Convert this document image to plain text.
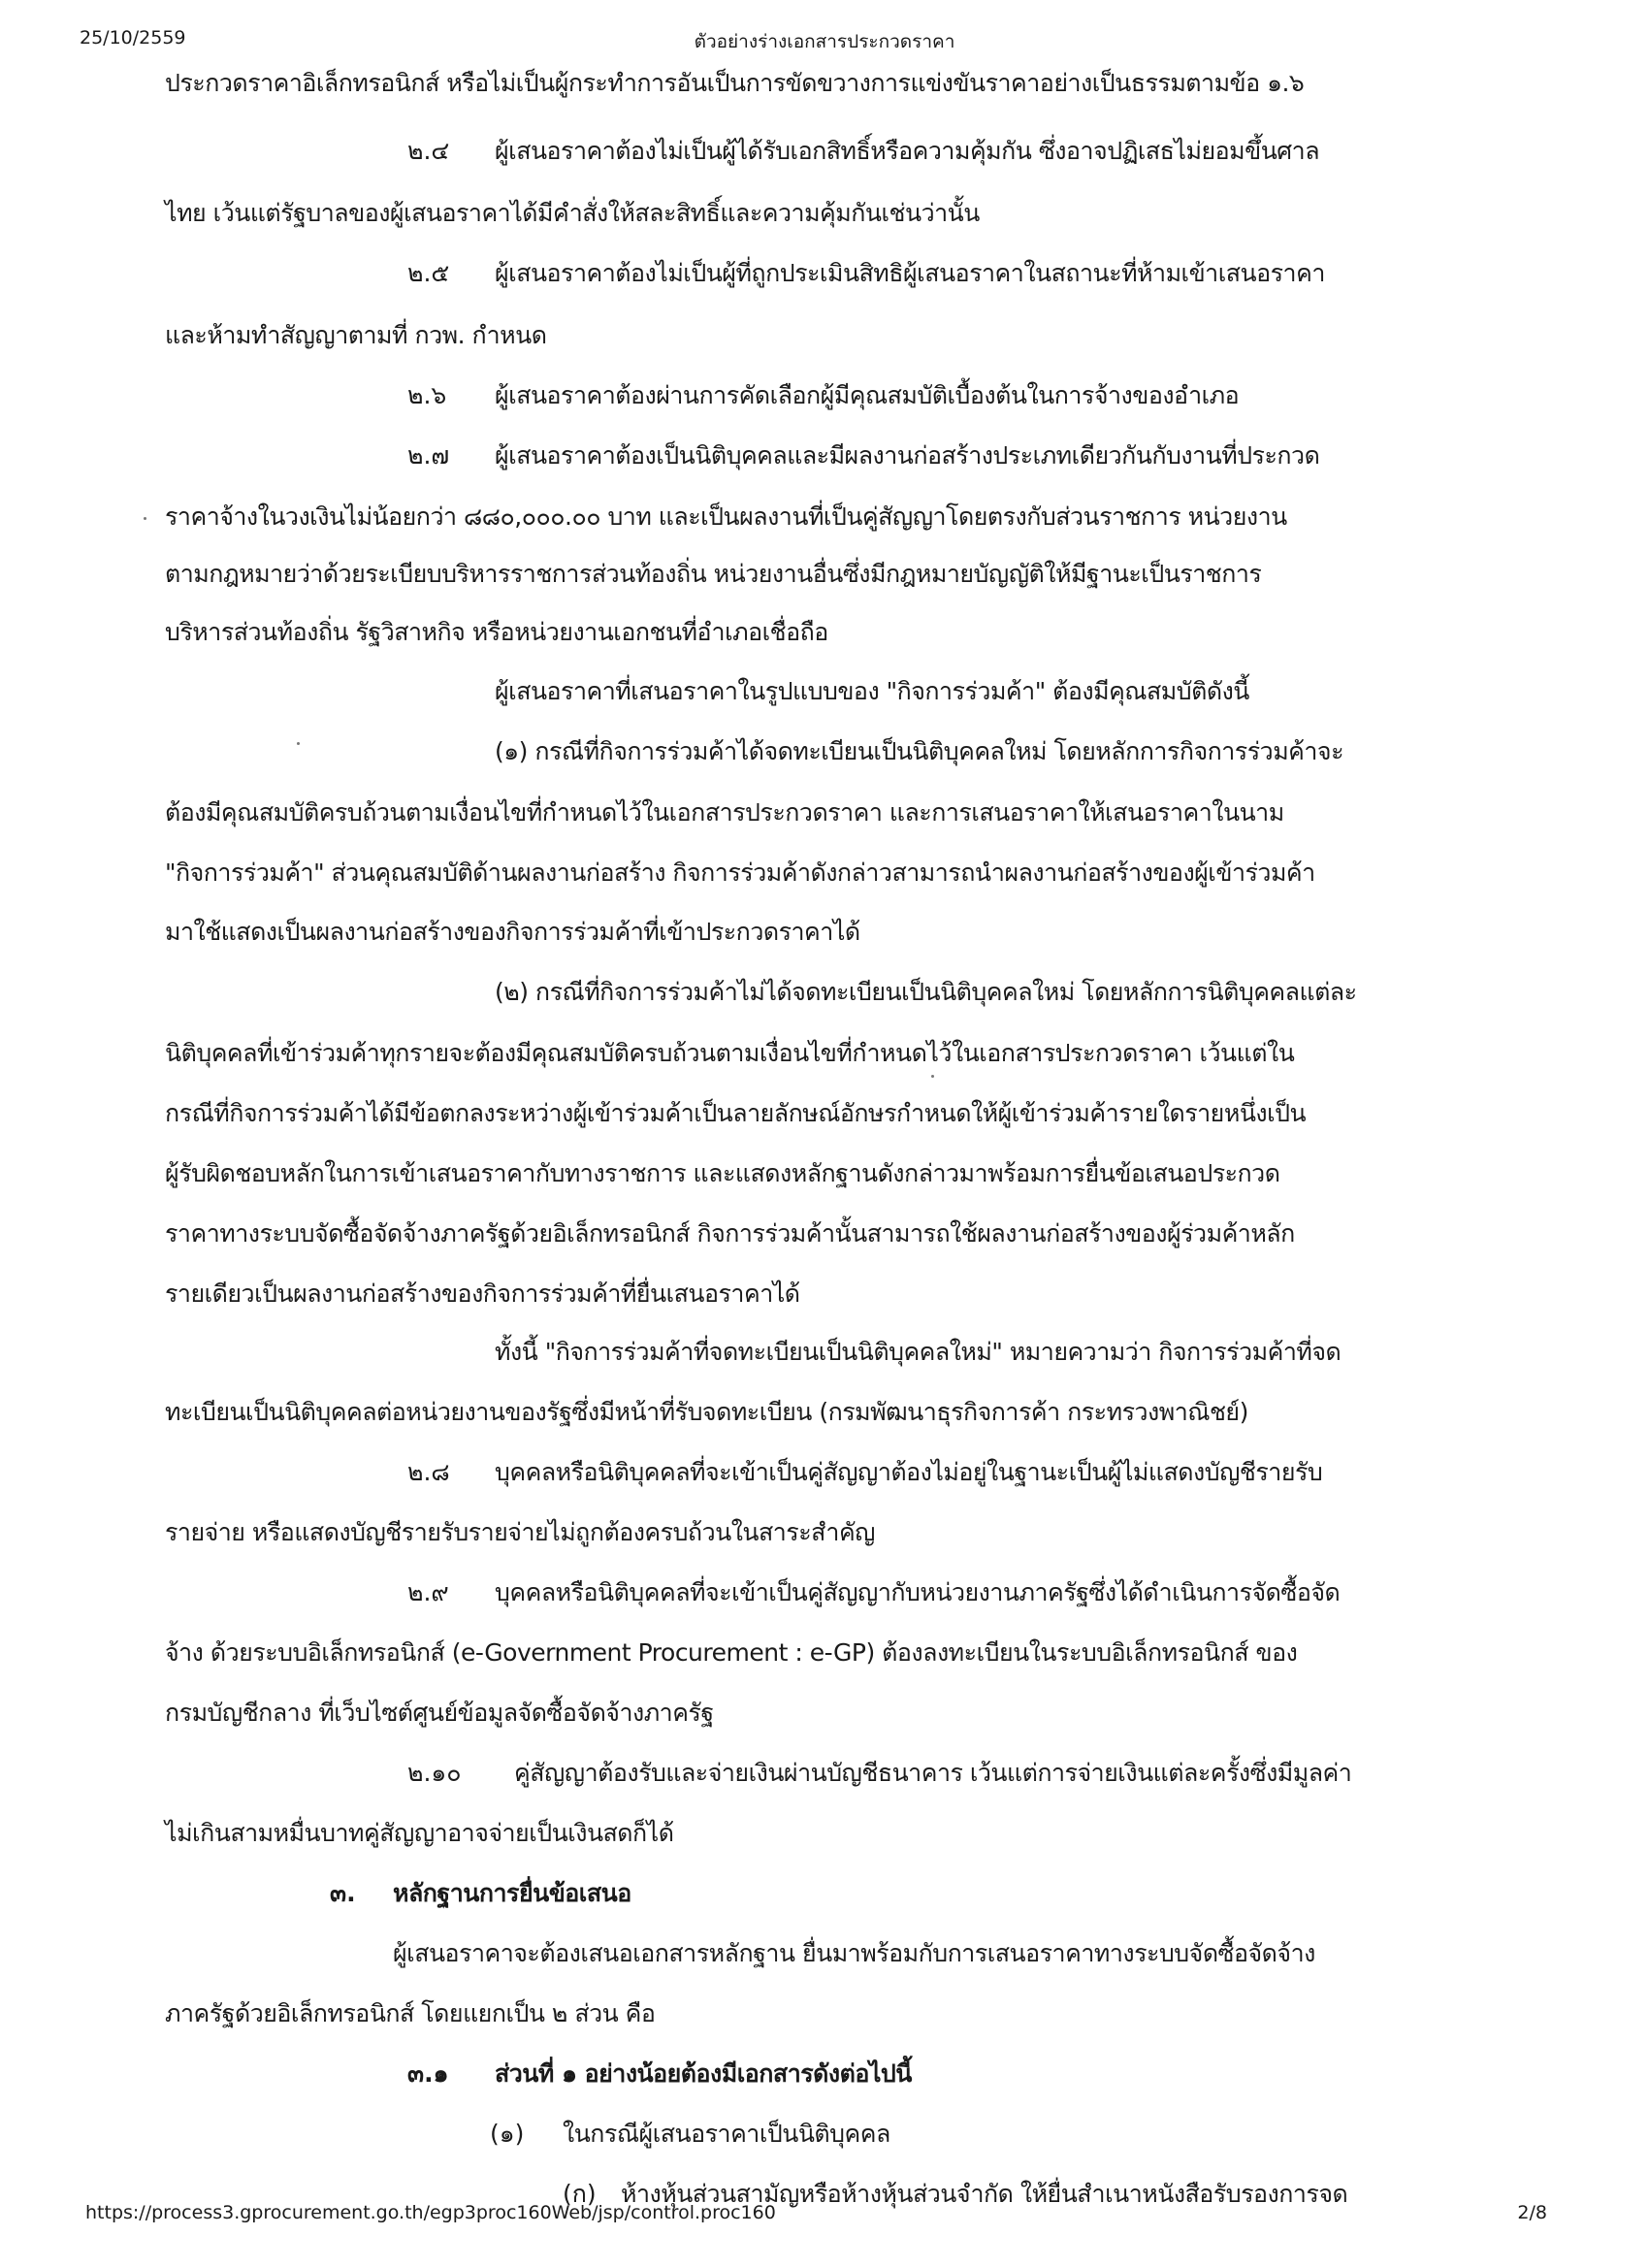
25/10/2559	ตัวอย่างร่างเอกสารประกวดราคา
ประกวดราคาอิเล็กทรอนิกส์ หรือไม่เป็นผู้กระทำการอันเป็นการขัดขวางการแข่งขันราคาอย่างเป็นธรรมตามข้อ ๑.๖
๒.๔	ผู้เสนอราคาต้องไม่เป็นผู้ได้รับเอกสิทธิ์หรือความคุ้มกัน ซึ่งอาจปฏิเสธไม่ยอมขึ้นศาล
ไทย เว้นแต่รัฐบาลของผู้เสนอราคาได้มีคำสั่งให้สละสิทธิ์และความคุ้มกันเช่นว่านั้น
๒.๕	ผู้เสนอราคาต้องไม่เป็นผู้ที่ถูกประเมินสิทธิผู้เสนอราคาในสถานะที่ห้ามเข้าเสนอราคา
และห้ามทำสัญญาตามที่ กวพ. กำหนด
๒.๖	ผู้เสนอราคาต้องผ่านการคัดเลือกผู้มีคุณสมบัติเบื้องต้นในการจ้างของอำเภอ
๒.๗	ผู้เสนอราคาต้องเป็นนิติบุคคลและมีผลงานก่อสร้างประเภทเดียวกันกับงานที่ประกวด
ราคาจ้างในวงเงินไม่น้อยกว่า ๘๘๐,๐๐๐.๐๐ บาท และเป็นผลงานที่เป็นคู่สัญญาโดยตรงกับส่วนราชการ หน่วยงาน
ตามกฎหมายว่าด้วยระเบียบบริหารราชการส่วนท้องถิ่น หน่วยงานอื่นซึ่งมีกฎหมายบัญญัติให้มีฐานะเป็นราชการ
บริหารส่วนท้องถิ่น รัฐวิสาหกิจ หรือหน่วยงานเอกชนที่อำเภอเชื่อถือ
ผู้เสนอราคาที่เสนอราคาในรูปแบบของ "กิจการร่วมค้า" ต้องมีคุณสมบัติดังนี้
(๑) กรณีที่กิจการร่วมค้าได้จดทะเบียนเป็นนิติบุคคลใหม่ โดยหลักการกิจการร่วมค้าจะ
ต้องมีคุณสมบัติครบถ้วนตามเงื่อนไขที่กำหนดไว้ในเอกสารประกวดราคา และการเสนอราคาให้เสนอราคาในนาม
"กิจการร่วมค้า" ส่วนคุณสมบัติด้านผลงานก่อสร้าง กิจการร่วมค้าดังกล่าวสามารถนำผลงานก่อสร้างของผู้เข้าร่วมค้า
มาใช้แสดงเป็นผลงานก่อสร้างของกิจการร่วมค้าที่เข้าประกวดราคาได้
(๒) กรณีที่กิจการร่วมค้าไม่ได้จดทะเบียนเป็นนิติบุคคลใหม่ โดยหลักการนิติบุคคลแต่ละ
นิติบุคคลที่เข้าร่วมค้าทุกรายจะต้องมีคุณสมบัติครบถ้วนตามเงื่อนไขที่กำหนดไว้ในเอกสารประกวดราคา เว้นแต่ใน
กรณีที่กิจการร่วมค้าได้มีข้อตกลงระหว่างผู้เข้าร่วมค้าเป็นลายลักษณ์อักษรกำหนดให้ผู้เข้าร่วมค้ารายใดรายหนึ่งเป็น
ผู้รับผิดชอบหลักในการเข้าเสนอราคากับทางราชการ และแสดงหลักฐานดังกล่าวมาพร้อมการยื่นข้อเสนอประกวด
ราคาทางระบบจัดซื้อจัดจ้างภาครัฐด้วยอิเล็กทรอนิกส์ กิจการร่วมค้านั้นสามารถใช้ผลงานก่อสร้างของผู้ร่วมค้าหลัก
รายเดียวเป็นผลงานก่อสร้างของกิจการร่วมค้าที่ยื่นเสนอราคาได้
ทั้งนี้ "กิจการร่วมค้าที่จดทะเบียนเป็นนิติบุคคลใหม่" หมายความว่า กิจการร่วมค้าที่จด
ทะเบียนเป็นนิติบุคคลต่อหน่วยงานของรัฐซึ่งมีหน้าที่รับจดทะเบียน (กรมพัฒนาธุรกิจการค้า กระทรวงพาณิชย์)
๒.๘	บุคคลหรือนิติบุคคลที่จะเข้าเป็นคู่สัญญาต้องไม่อยู่ในฐานะเป็นผู้ไม่แสดงบัญชีรายรับ
รายจ่าย หรือแสดงบัญชีรายรับรายจ่ายไม่ถูกต้องครบถ้วนในสาระสำคัญ
๒.๙	บุคคลหรือนิติบุคคลที่จะเข้าเป็นคู่สัญญากับหน่วยงานภาครัฐซึ่งได้ดำเนินการจัดซื้อจัด
จ้าง ด้วยระบบอิเล็กทรอนิกส์ (e-Government Procurement : e-GP) ต้องลงทะเบียนในระบบอิเล็กทรอนิกส์ ของ
กรมบัญชีกลาง ที่เว็บไซต์ศูนย์ข้อมูลจัดซื้อจัดจ้างภาครัฐ
๒.๑๐	คู่สัญญาต้องรับและจ่ายเงินผ่านบัญชีธนาคาร เว้นแต่การจ่ายเงินแต่ละครั้งซึ่งมีมูลค่า
ไม่เกินสามหมื่นบาทคู่สัญญาอาจจ่ายเป็นเงินสดก็ได้
๓.	หลักฐานการยื่นข้อเสนอ
ผู้เสนอราคาจะต้องเสนอเอกสารหลักฐาน ยื่นมาพร้อมกับการเสนอราคาทางระบบจัดซื้อจัดจ้าง
ภาครัฐด้วยอิเล็กทรอนิกส์ โดยแยกเป็น ๒ ส่วน คือ
๓.๑	ส่วนที่ ๑ อย่างน้อยต้องมีเอกสารดังต่อไปนี้
(๑)	ในกรณีผู้เสนอราคาเป็นนิติบุคคล
(ก)	ห้างหุ้นส่วนสามัญหรือห้างหุ้นส่วนจำกัด ให้ยื่นสำเนาหนังสือรับรองการจด
https://process3.gprocurement.go.th/egp3proc160Web/jsp/control.proc160	2/8
